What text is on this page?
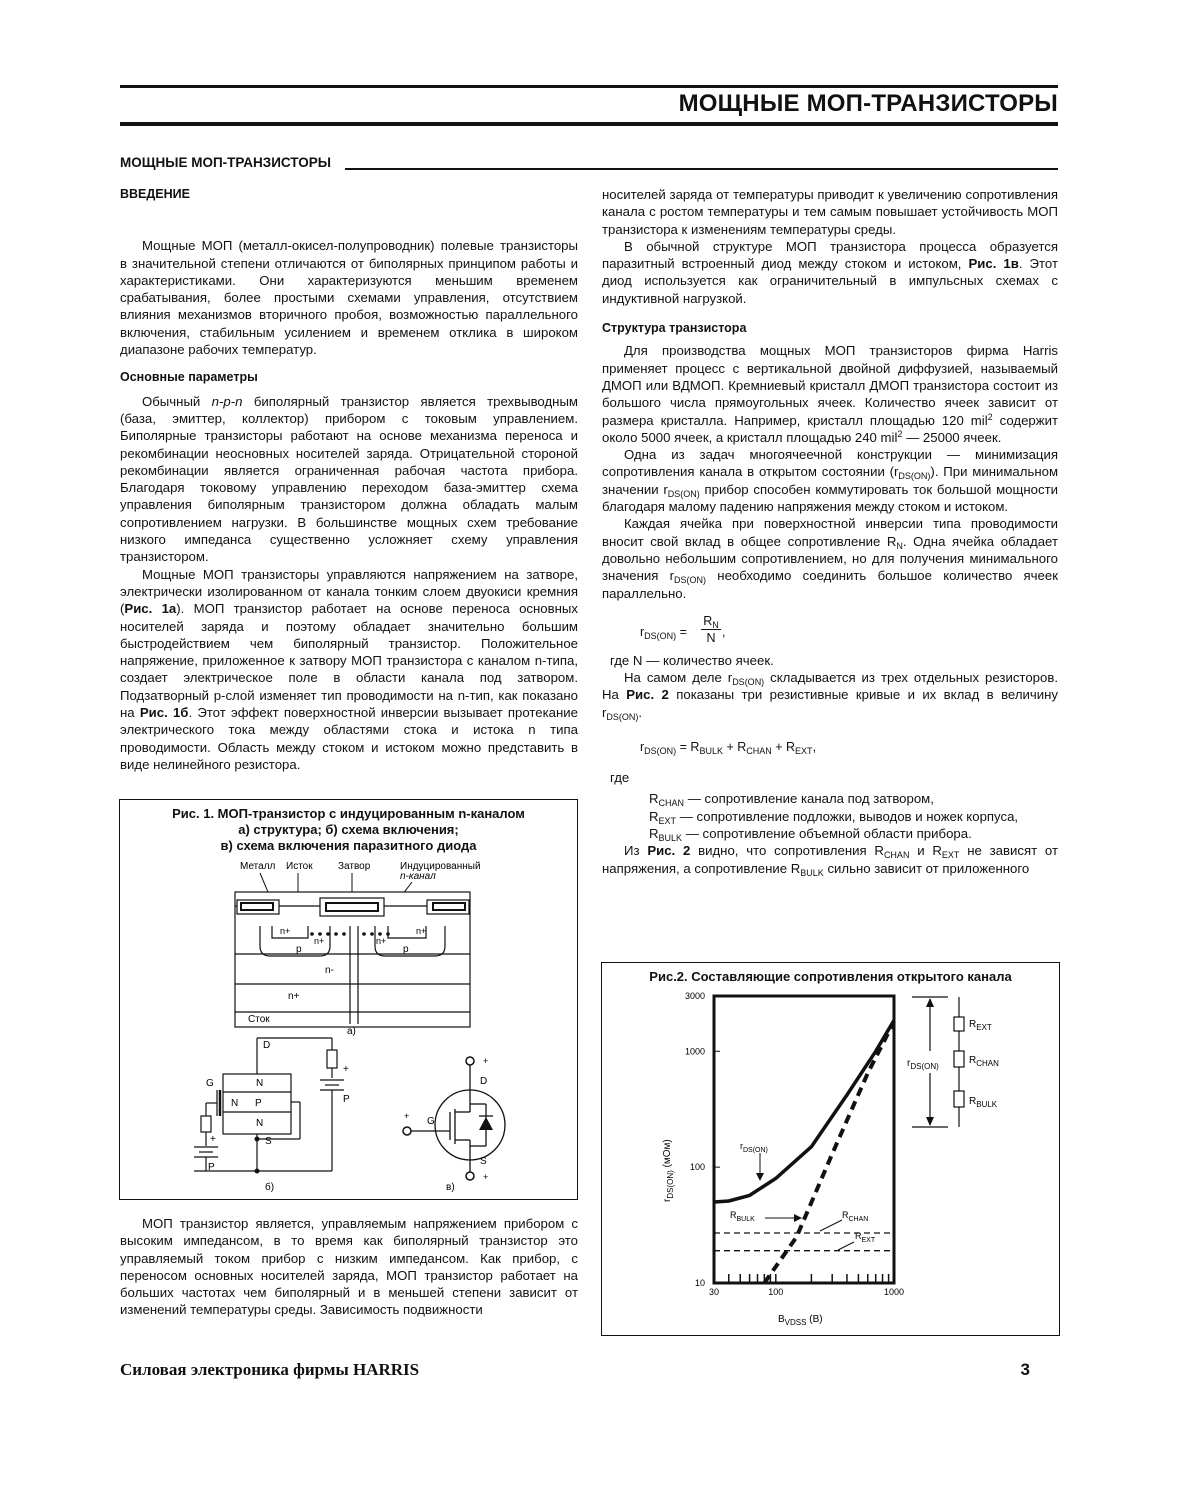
МОЩНЫЕ МОП-ТРАНЗИСТОРЫ
МОЩНЫЕ МОП-ТРАНЗИСТОРЫ
ВВЕДЕНИЕ

Мощные МОП (металл-окисел-полупроводник) полевые транзисторы в значительной степени отличаются от биполярных принципом работы и характеристиками. Они характеризуются меньшим временем срабатывания, более простыми схемами управления, отсутствием влияния механизмов вторичного пробоя, возможностью параллельного включения, стабильным усилением и временем отклика в широком диапазоне рабочих температур.

Основные параметры

Обычный n-p-n биполярный транзистор является трехвыводным (база, эмиттер, коллектор) прибором с токовым управлением. Биполярные транзисторы работают на основе механизма переноса и рекомбинации неосновных носителей заряда. Отрицательной стороной рекомбинации является ограниченная рабочая частота прибора. Благодаря токовому управлению переходом база-эмиттер схема управления биполярным транзистором должна обладать малым сопротивлением нагрузки. В большинстве мощных схем требование низкого импеданса существенно усложняет схему управления транзистором.

Мощные МОП транзисторы управляются напряжением на затворе, электрически изолированном от канала тонким слоем двуокиси кремния (Рис. 1а). МОП транзистор работает на основе переноса основных носителей заряда и поэтому обладает значительно большим быстродействием чем биполярный транзистор. Положительное напряжение, приложенное к затвору МОП транзистора с каналом n-типа, создает электрическое поле в области канала под затвором. Подзатворный p-слой изменяет тип проводимости на n-тип, как показано на Рис. 1б. Этот эффект поверхностной инверсии вызывает протекание электрического тока между областями стока и истока n типа проводимости. Область между стоком и истоком можно представить в виде нелинейного резистора.

Рис. 1. МОП-транзистор с индуцированным n-каналом
а) структура; б) схема включения;
в) схема включения паразитного диода
Металл Исток	Затвор	Индуцированный
n-канал
n+
n+	n+
n+
p	p
n-
n+
Сток
а)
D
N
N P
N
G
S
+
P
+
P
б)
+
D
G
+
S
+
в)

МОП транзистор является, управляемым напряжением прибором с высоким импедансом, в то время как биполярный транзистор это управляемый током прибор с низким импедансом. Как прибор, с переносом основных носителей заряда, МОП транзистор работает на больших частотах чем биполярный и в меньшей степени зависит от изменений температуры среды. Зависимость подвижности

носителей заряда от температуры приводит к увеличению сопротивления канала с ростом температуры и тем самым повышает устойчивость МОП транзистора к изменениям температуры среды.

В обычной структуре МОП транзистора процесса образуется паразитный встроенный диод между стоком и истоком, Рис. 1в. Этот диод используется как ограничительный в импульсных схемах с индуктивной нагрузкой.

Структура транзистора

Для производства мощных МОП транзисторов фирма Harris применяет процесс с вертикальной двойной диффузией, называемый ДМОП или ВДМОП. Кремниевый кристалл ДМОП транзистора состоит из большого числа прямоугольных ячеек. Количество ячеек зависит от размера кристалла. Например, кристалл площадью 120 mil$^2$ содержит около 5000 ячеек, а кристалл площадью 240 mil$^2$ — 25000 ячеек.

Одна из задач многоячеечной конструкции — минимизация сопротивления канала в открытом состоянии $(r_{DS(ON)})$. При минимальном значении $r_{DS(ON)}$ прибор способен коммутировать ток большой мощности благодаря малому падению напряжения между стоком и истоком.

Каждая ячейка при поверхностной инверсии типа проводимости вносит свой вклад в общее сопротивление $R_N$. Одна ячейка обладает довольно небольшим сопротивлением, но для получения минимального значения $r_{DS(ON)}$ необходимо соединить большое количество ячеек параллельно.

$r_{DS(ON)}$ =
$R_N$
N ,

где N — количество ячеек.

На самом деле $r_{DS(ON)}$ складывается из трех отдельных резисторов. На Рис. 2 показаны три резистивные кривые и их вклад в величину $r_{DS(ON)}$.

$r_{DS(ON)} = R_{BULK} + R_{CHAN} + R_{EXT}$,

где

$R_{CHAN}$ — сопротивление канала под затвором,

$R_{EXT}$ — сопротивление подложки, выводов и ножек корпуса,

$R_{BULK}$ — сопротивление объемной области прибора.

Из Рис. 2 видно, что сопротивления $R_{CHAN}$ и $R_{EXT}$ не зависят от напряжения, а сопротивление $R_{BULK}$ сильно зависит от приложенного

Рис.2. Составляющие сопротивления открытого канала
30	100	1000
10
100
1000
3000
$r_{DS(ON)}$ (мОм)
$B_{VDSS}$ (В)
$r_{DS(ON)}$
$R_{EXT}$
$R_{CHAN}$
$R_{BULK}$
$r_{DS(ON)}$
$R_{BULK}$	$R_{CHAN}$
$R_{EXT}$
Силовая электроника фирмы HARRIS	3
